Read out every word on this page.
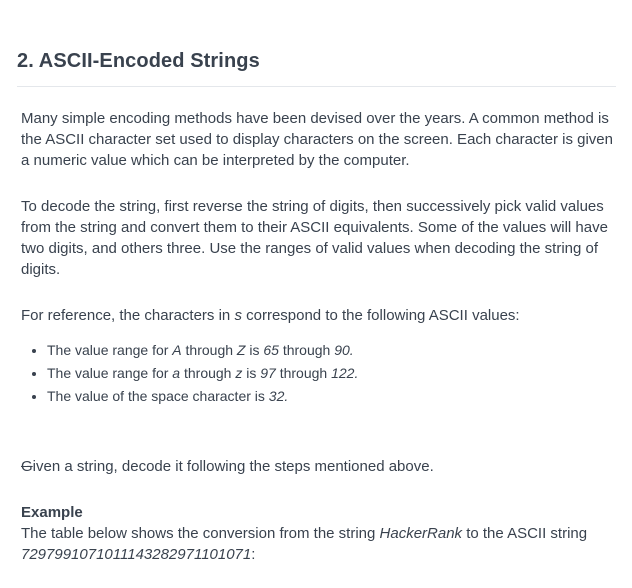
2. ASCII-Encoded Strings

Many simple encoding methods have been devised over the years. A common method is the ASCII character set used to display characters on the screen. Each character is given a numeric value which can be interpreted by the computer.

To decode the string, first reverse the string of digits, then successively pick valid values from the string and convert them to their ASCII equivalents. Some of the values will have two digits, and others three. Use the ranges of valid values when decoding the string of digits.

For reference, the characters in s correspond to the following ASCII values:

• The value range for A through Z is 65 through 90.
• The value range for a through z is 97 through 122.
• The value of the space character is 32.

Given a string, decode it following the steps mentioned above.

Example

The table below shows the conversion from the string HackerRank to the ASCII string 7297991071011143282971101071:
